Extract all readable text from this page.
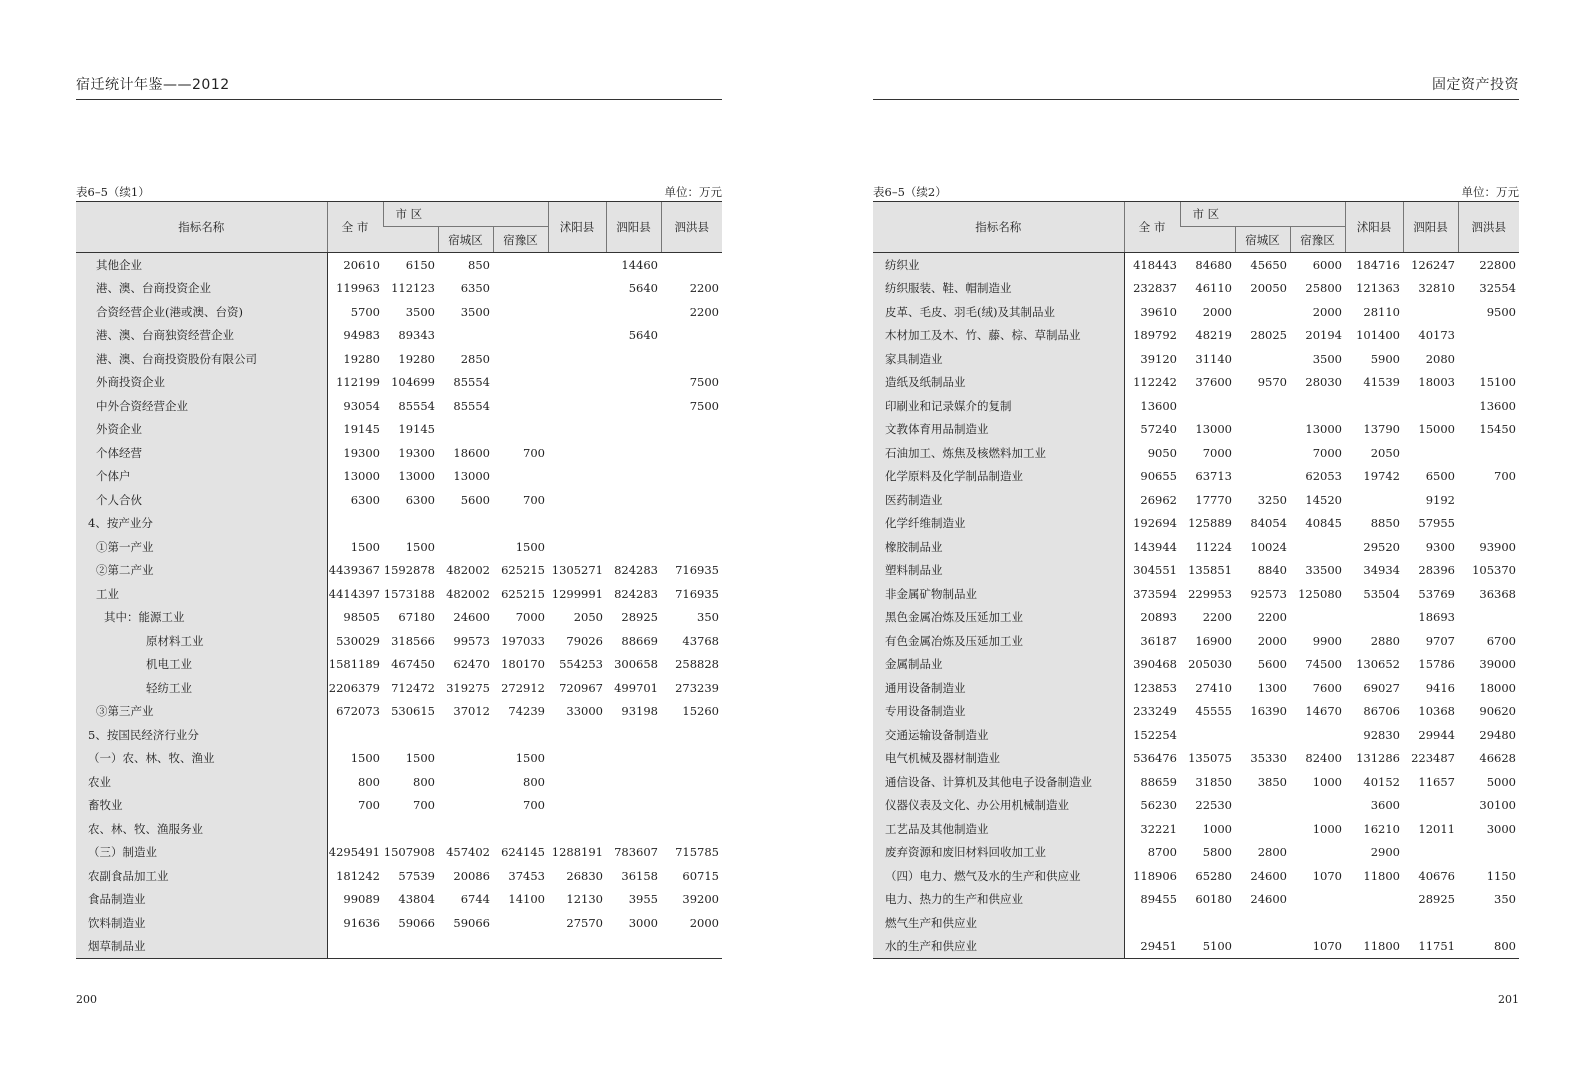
宿迁统计年鉴——2012
表6–5（续1）	单位：万元
指标名称	全 市	市 区			沭阳县	泗阳县	泗洪县
			宿城区	宿豫区			
其他企业	20610	6150	850			14460	
港、澳、台商投资企业	119963	112123	6350			5640	2200
合资经营企业(港或澳、台资)	5700	3500	3500				2200
港、澳、台商独资经营企业	94983	89343				5640	
港、澳、台商投资股份有限公司	19280	19280	2850				
外商投资企业	112199	104699	85554				7500
中外合资经营企业	93054	85554	85554				7500
外资企业	19145	19145					
个体经营	19300	19300	18600	700			
个体户	13000	13000	13000				
个人合伙	6300	6300	5600	700			
4、按产业分							
①第一产业	1500	1500		1500			
②第二产业	4439367	1592878	482002	625215	1305271	824283	716935
工业	4414397	1573188	482002	625215	1299991	824283	716935
其中：能源工业	98505	67180	24600	7000	2050	28925	350
原材料工业	530029	318566	99573	197033	79026	88669	43768
机电工业	1581189	467450	62470	180170	554253	300658	258828
轻纺工业	2206379	712472	319275	272912	720967	499701	273239
③第三产业	672073	530615	37012	74239	33000	93198	15260
5、按国民经济行业分							
（一）农、林、牧、渔业	1500	1500		1500			
农业	800	800		800			
畜牧业	700	700		700			
农、林、牧、渔服务业							
（三）制造业	4295491	1507908	457402	624145	1288191	783607	715785
农副食品加工业	181242	57539	20086	37453	26830	36158	60715
食品制造业	99089	43804	6744	14100	12130	3955	39200
饮料制造业	91636	59066	59066		27570	3000	2000
烟草制品业							
200
固定资产投资
表6–5（续2）	单位：万元
指标名称	全 市	市 区			沭阳县	泗阳县	泗洪县
			宿城区	宿豫区			
纺织业	418443	84680	45650	6000	184716	126247	22800
纺织服装、鞋、帽制造业	232837	46110	20050	25800	121363	32810	32554
皮革、毛皮、羽毛(绒)及其制品业	39610	2000		2000	28110		9500
木材加工及木、竹、藤、棕、草制品业	189792	48219	28025	20194	101400	40173	
家具制造业	39120	31140		3500	5900	2080	
造纸及纸制品业	112242	37600	9570	28030	41539	18003	15100
印刷业和记录媒介的复制	13600						13600
文教体育用品制造业	57240	13000		13000	13790	15000	15450
石油加工、炼焦及核燃料加工业	9050	7000		7000	2050		
化学原料及化学制品制造业	90655	63713		62053	19742	6500	700
医药制造业	26962	17770	3250	14520		9192	
化学纤维制造业	192694	125889	84054	40845	8850	57955	
橡胶制品业	143944	11224	10024		29520	9300	93900
塑料制品业	304551	135851	8840	33500	34934	28396	105370
非金属矿物制品业	373594	229953	92573	125080	53504	53769	36368
黑色金属冶炼及压延加工业	20893	2200	2200			18693	
有色金属冶炼及压延加工业	36187	16900	2000	9900	2880	9707	6700
金属制品业	390468	205030	5600	74500	130652	15786	39000
通用设备制造业	123853	27410	1300	7600	69027	9416	18000
专用设备制造业	233249	45555	16390	14670	86706	10368	90620
交通运输设备制造业	152254				92830	29944	29480
电气机械及器材制造业	536476	135075	35330	82400	131286	223487	46628
通信设备、计算机及其他电子设备制造业	88659	31850	3850	1000	40152	11657	5000
仪器仪表及文化、办公用机械制造业	56230	22530			3600		30100
工艺品及其他制造业	32221	1000		1000	16210	12011	3000
废弃资源和废旧材料回收加工业	8700	5800	2800		2900		
（四）电力、燃气及水的生产和供应业	118906	65280	24600	1070	11800	40676	1150
电力、热力的生产和供应业	89455	60180	24600			28925	350
燃气生产和供应业							
水的生产和供应业	29451	5100		1070	11800	11751	800
201
